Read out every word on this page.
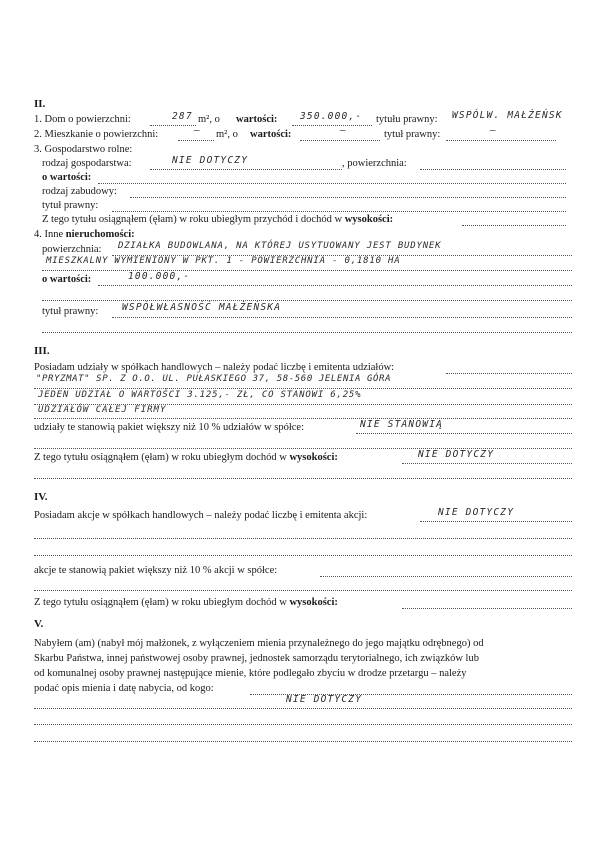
II.
1. Dom o powierzchni:	287 m², o wartości: 350.000,- tytułu prawny: WSPÓLW. MAŁŻEŃSK
2. Mieszkanie o powierzchni:	— m², o wartości:	—	tytuł prawny:	—
3. Gospodarstwo rolne:
rodzaj gospodarstwa:	NIE DOTYCZY	, powierzchnia:
o wartości:
rodzaj zabudowy:
tytuł prawny:
Z tego tytułu osiągnąłem (ęłam) w roku ubiegłym przychód i dochód w wysokości:
4. Inne nieruchomości:
powierzchnia: DZIAŁKA BUDOWLANA, NA KTÓREJ USYTUOWANY JEST BUDYNEK
MIESZKALNY WYMIENIONY W PKT. 1 - POWIERZCHNIA - 0,1810 HA
o wartości:	100.000,-
tytuł prawny: WSPÓŁWŁASNOŚĆ MAŁŻEŃSKA
III.
Posiadam udziały w spółkach handlowych – należy podać liczbę i emitenta udziałów:
"PRYZMAT" SP. Z O.O. UL. PUŁASKIEGO 37, 58-560 JELENIA GÓRA
JEDEN UDZIAŁ O WARTOŚCI 3.125,- ZŁ, CO STANOWI 6,25%
UDZIAŁÓW CAŁEJ FIRMY
udziały te stanowią pakiet większy niż 10 % udziałów w spółce:	NIE STANOWIĄ
Z tego tytułu osiągnąłem (ęłam) w roku ubiegłym dochód w wysokości:	NIE DOTYCZY
IV.
Posiadam akcje w spółkach handlowych – należy podać liczbę i emitenta akcji:	NIE DOTYCZY
akcje te stanowią pakiet większy niż 10 % akcji w spółce:
Z tego tytułu osiągnąłem (ęłam) w roku ubiegłym dochód w wysokości:
V.
Nabyłem (am) (nabył mój małżonek, z wyłączeniem mienia przynależnego do jego majątku odrębnego) od
Skarbu Państwa, innej państwowej osoby prawnej, jednostek samorządu terytorialnego, ich związków lub
od komunalnej osoby prawnej następujące mienie, które podlegało zbyciu w drodze przetargu – należy
podać opis mienia i datę nabycia, od kogo:
NIE DOTYCZY
